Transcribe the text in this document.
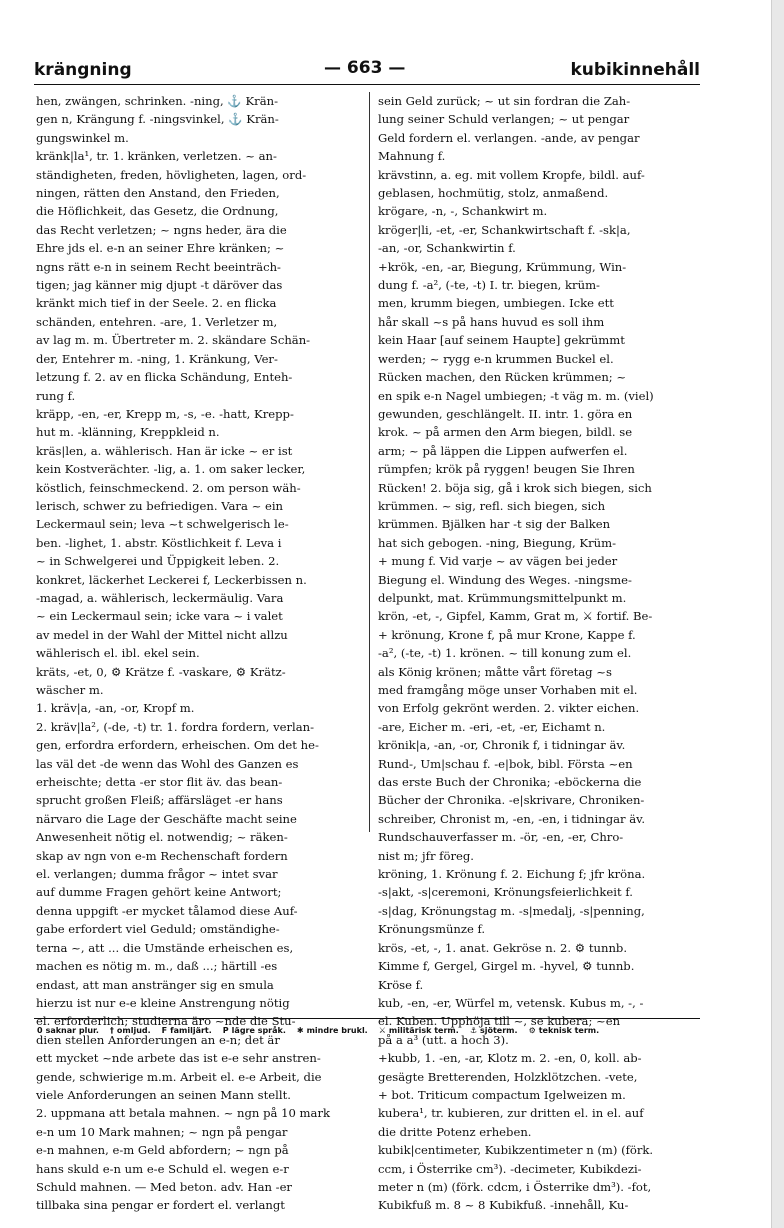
krängning	— 663 —	kubikinnehåll
hen, zwängen, schrinken. -ning, ⚓ Krän-
gen n, Krängung f. -ningsvinkel, ⚓ Krän-
gungswinkel m.
kränk|la¹, tr. 1. kränken, verletzen. ~ an-
ständigheten, freden, hövligheten, lagen, ord-
ningen, rätten den Anstand, den Frieden,
die Höflichkeit, das Gesetz, die Ordnung,
das Recht verletzen; ~ ngns heder, ära die
Ehre jds el. e-n an seiner Ehre kränken; ~
ngns rätt e-n in seinem Recht beeinträch-
tigen; jag känner mig djupt -t däröver das
kränkt mich tief in der Seele. 2. en flicka
schänden, entehren. -are, 1. Verletzer m,
av lag m. m. Übertreter m. 2. skändare Schän-
der, Entehrer m. -ning, 1. Kränkung, Ver-
letzung f. 2. av en flicka Schändung, Enteh-
rung f.
kräpp, -en, -er, Krepp m, -s, -e. -hatt, Krepp-
hut m. -klänning, Kreppkleid n.
kräs|len, a. wählerisch. Han är icke ~ er ist
kein Kostverächter. -lig, a. 1. om saker lecker,
köstlich, feinschmeckend. 2. om person wäh-
lerisch, schwer zu befriedigen. Vara ~ ein
Leckermaul sein; leva ~t schwelgerisch le-
ben. -lighet, 1. abstr. Köstlichkeit f. Leva i
~ in Schwelgerei und Üppigkeit leben. 2.
konkret, läckerhet Leckerei f, Leckerbissen n.
-magad, a. wählerisch, leckermäulig. Vara
~ ein Leckermaul sein; icke vara ~ i valet
av medel in der Wahl der Mittel nicht allzu
wählerisch el. ibl. ekel sein.
kräts, -et, 0, ⚙ Krätze f. -vaskare, ⚙ Krätz-
wäscher m.
1. kräv|a, -an, -or, Kropf m.
2. kräv|la², (-de, -t) tr. 1. fordra fordern, verlan-
gen, erfordra erfordern, erheischen. Om det he-
las väl det -de wenn das Wohl des Ganzen es
erheischte; detta -er stor flit äv. das bean-
sprucht großen Fleiß; affärsläget -er hans
närvaro die Lage der Geschäfte macht seine
Anwesenheit nötig el. notwendig; ~ räken-
skap av ngn von e-m Rechenschaft fordern
el. verlangen; dumma frågor ~ intet svar
auf dumme Fragen gehört keine Antwort;
denna uppgift -er mycket tålamod diese Auf-
gabe erfordert viel Geduld; omständighe-
terna ~, att ... die Umstände erheischen es,
machen es nötig m. m., daß ...; härtill -es
endast, att man anstränger sig en smula
hierzu ist nur e-e kleine Anstrengung nötig
el. erforderlich; studierna äro ~nde die Stu-
dien stellen Anforderungen an e-n; det är
ett mycket ~nde arbete das ist e-e sehr anstren-
gende, schwierige m.m. Arbeit el. e-e Arbeit, die
viele Anforderungen an seinen Mann stellt.
2. uppmana att betala mahnen. ~ ngn på 10 mark
e-n um 10 Mark mahnen; ~ ngn på pengar
e-n mahnen, e-m Geld abfordern; ~ ngn på
hans skuld e-n um e-e Schuld el. wegen e-r
Schuld mahnen. — Med beton. adv. Han -er
tillbaka sina pengar er fordert el. verlangt
sein Geld zurück; ~ ut sin fordran die Zah-
lung seiner Schuld verlangen; ~ ut pengar
Geld fordern el. verlangen. -ande, av pengar
Mahnung f.
krävstinn, a. eg. mit vollem Kropfe, bildl. auf-
geblasen, hochmütig, stolz, anmaßend.
krögare, -n, -, Schankwirt m.
kröger|li, -et, -er, Schankwirtschaft f. -sk|a,
-an, -or, Schankwirtin f.
+krök, -en, -ar, Biegung, Krümmung, Win-
dung f. -a², (-te, -t) I. tr. biegen, krüm-
men, krumm biegen, umbiegen. Icke ett
hår skall ~s på hans huvud es soll ihm
kein Haar [auf seinem Haupte] gekrümmt
werden; ~ rygg e-n krummen Buckel el.
Rücken machen, den Rücken krümmen; ~
en spik e-n Nagel umbiegen; -t väg m. m. (viel)
gewunden, geschlängelt. II. intr. 1. göra en
krok. ~ på armen den Arm biegen, bildl. se
arm; ~ på läppen die Lippen aufwerfen el.
rümpfen; krök på ryggen! beugen Sie Ihren
Rücken! 2. böja sig, gå i krok sich biegen, sich
krümmen. ~ sig, refl. sich biegen, sich
krümmen. Bjälken har -t sig der Balken
hat sich gebogen. -ning, Biegung, Krüm-
+ mung f. Vid varje ~ av vägen bei jeder
Biegung el. Windung des Weges. -ningsme-
delpunkt, mat. Krümmungsmittelpunkt m.
krön, -et, -, Gipfel, Kamm, Grat m, ⚔ fortif. Be-
+ krönung, Krone f, på mur Krone, Kappe f.
-a², (-te, -t) 1. krönen. ~ till konung zum el.
als König krönen; måtte vårt företag ~s
med framgång möge unser Vorhaben mit el.
von Erfolg gekrönt werden. 2. vikter eichen.
-are, Eicher m. -eri, -et, -er, Eichamt n.
krönik|a, -an, -or, Chronik f, i tidningar äv.
Rund-, Um|schau f. -e|bok, bibl. Första ~en
das erste Buch der Chronika; -eböckerna die
Bücher der Chronika. -e|skrivare, Chroniken-
schreiber, Chronist m, -en, -en, i tidningar äv.
Rundschauverfasser m. -ör, -en, -er, Chro-
nist m; jfr föreg.
kröning, 1. Krönung f. 2. Eichung f; jfr kröna.
-s|akt, -s|ceremoni, Krönungsfeierlichkeit f.
-s|dag, Krönungstag m. -s|medalj, -s|penning,
Krönungsmünze f.
krös, -et, -, 1. anat. Gekröse n. 2. ⚙ tunnb.
Kimme f, Gergel, Girgel m. -hyvel, ⚙ tunnb.
Kröse f.
kub, -en, -er, Würfel m, vetensk. Kubus m, -, -
el. Kuben. Upphöja till ~, se kubera; ~en
på a a³ (utt. a hoch 3).
+kubb, 1. -en, -ar, Klotz m. 2. -en, 0, koll. ab-
gesägte Bretterenden, Holzklötzchen. -vete,
+ bot. Triticum compactum Igelweizen m.
kubera¹, tr. kubieren, zur dritten el. in el. auf
die dritte Potenz erheben.
kubik|centimeter, Kubikzentimeter n (m) (förk.
ccm, i Österrike cm³). -decimeter, Kubikdezi-
meter n (m) (förk. cdcm, i Österrike dm³). -fot,
Kubikfuß m. 8 ~ 8 Kubikfuß. -innehåll, Ku-
0 saknar plur. † omljud. F familjärt. P lägre språk. ✱ mindre brukl. ⚔ militärisk term. ⚓ sjöterm. ⚙ teknisk term.
